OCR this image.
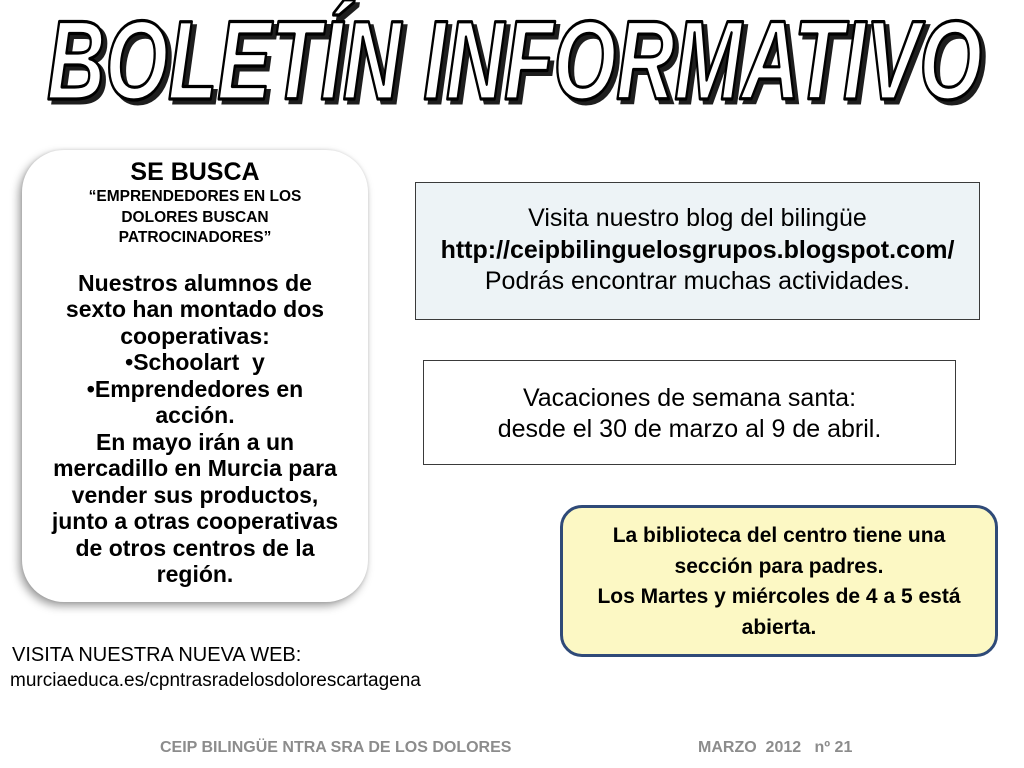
BOLETÍN INFORMATIVO
BOLETÍN INFORMATIVO
SE BUSCA
“EMPRENDEDORES EN LOS
DOLORES BUSCAN
PATROCINADORES”
Nuestros alumnos de
sexto han montado dos
cooperativas:
•Schoolart  y
•Emprendedores en
acción.
En mayo irán a un
mercadillo en Murcia para
vender sus productos,
junto a otras cooperativas
de otros centros de la
región.
Visita nuestro blog del bilingüe
http://ceipbilinguelosgrupos.blogspot.com/
Podrás encontrar muchas actividades.
Vacaciones de semana santa:
desde el 30 de marzo al 9 de abril.
La biblioteca del centro tiene una
sección para padres.
Los Martes y miércoles de 4 a 5 está
abierta.
VISITA NUESTRA NUEVA WEB:
murciaeduca.es/cpntrasradelosdolorescartagena
CEIP BILINGÜE NTRA SRA DE LOS DOLORES	MARZO  2012   nº 21
